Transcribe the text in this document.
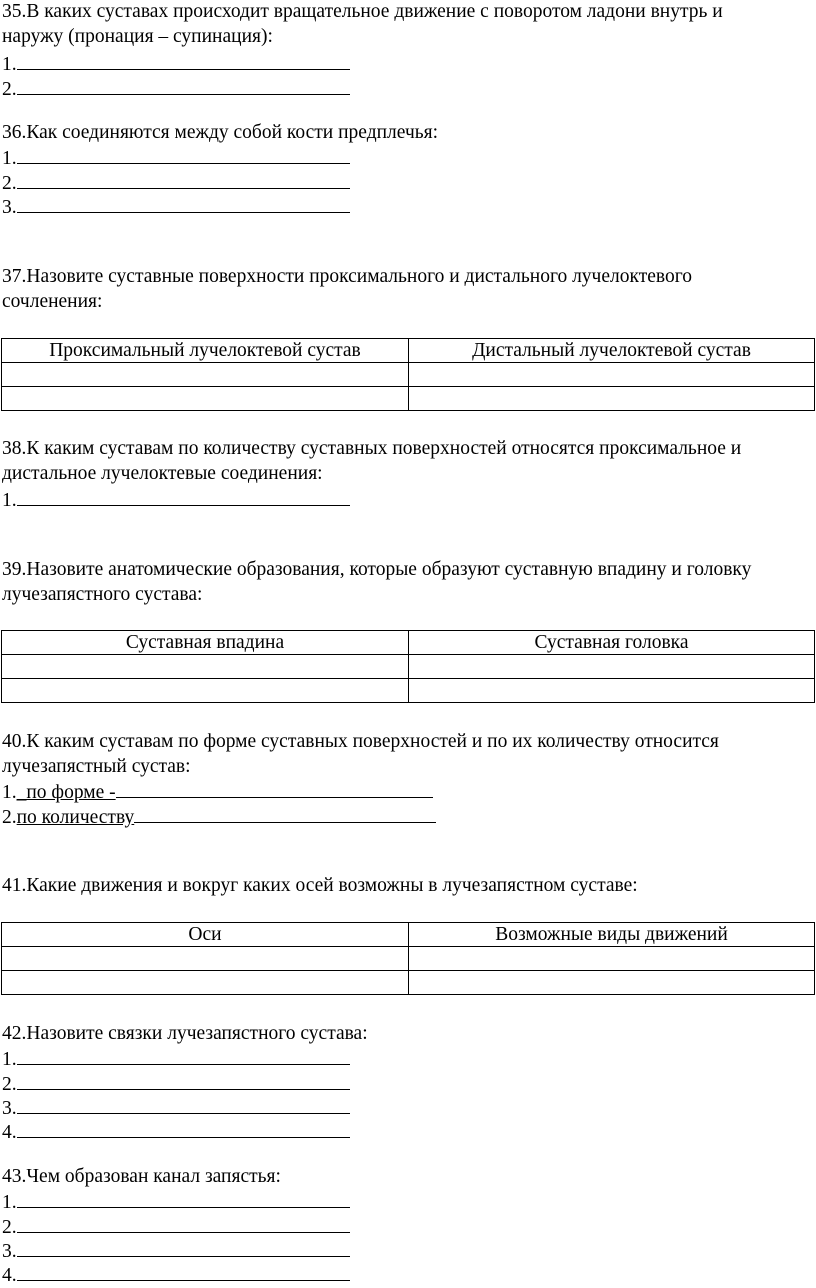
35.В каких суставах происходит вращательное движение с поворотом ладони внутрь и
наружу (пронация – супинация):
1.
2.
36.Как соединяются между собой кости предплечья:
1.
2.
3.
37.Назовите суставные поверхности проксимального и дистального лучелоктевого
сочленения:
Проксимальный лучелоктевой сустав	Дистальный лучелоктевой сустав

38.К каким суставам по количеству суставных поверхностей относятся проксимальное и
дистальное лучелоктевые соединения:
1.
39.Назовите анатомические образования, которые образуют суставную впадину и головку
лучезапястного сустава:
Суставная впадина	Суставная головка

40.К каким суставам по форме суставных поверхностей и по их количеству относится
лучезапястный сустав:
1._по форме -
2.по количеству
41.Какие движения и вокруг каких осей возможны в лучезапястном суставе:
Оси	Возможные виды движений

42.Назовите связки лучезапястного сустава:
1.
2.
3.
4.
43.Чем образован канал запястья:
1.
2.
3.
4.
